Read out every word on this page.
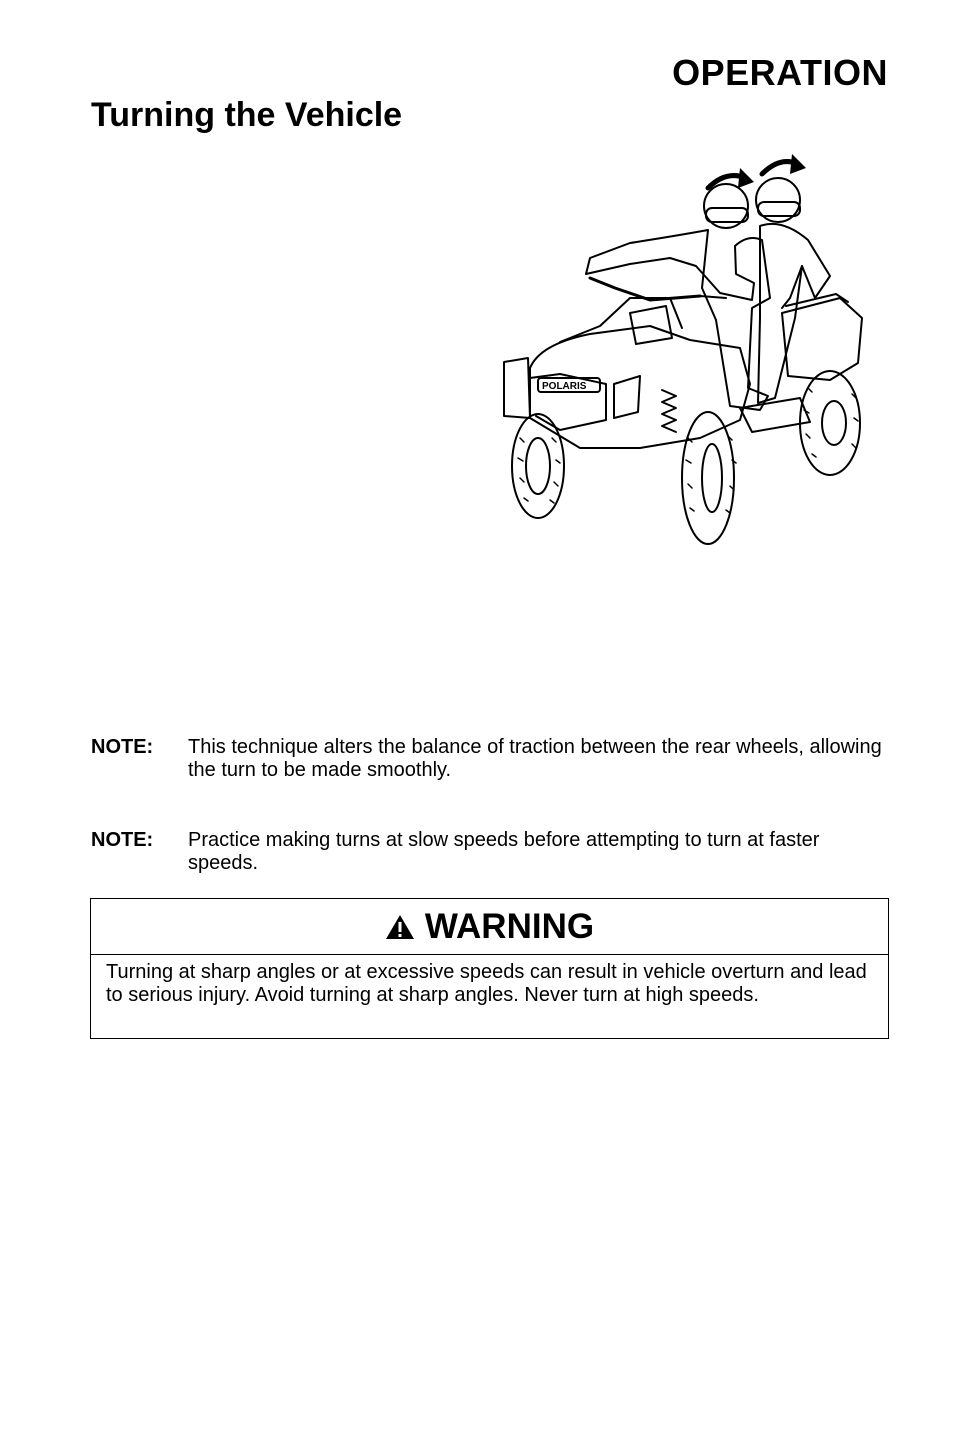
OPERATION
Turning the Vehicle
POLARIS
NOTE: This technique alters the balance of traction between the rear wheels, allowing the turn to be made smoothly.
NOTE: Practice making turns at slow speeds before attempting to turn at faster speeds.
WARNING
Turning at sharp angles or at excessive speeds can result in vehicle overturn and lead to serious injury. Avoid turning at sharp angles. Never turn at high speeds.
